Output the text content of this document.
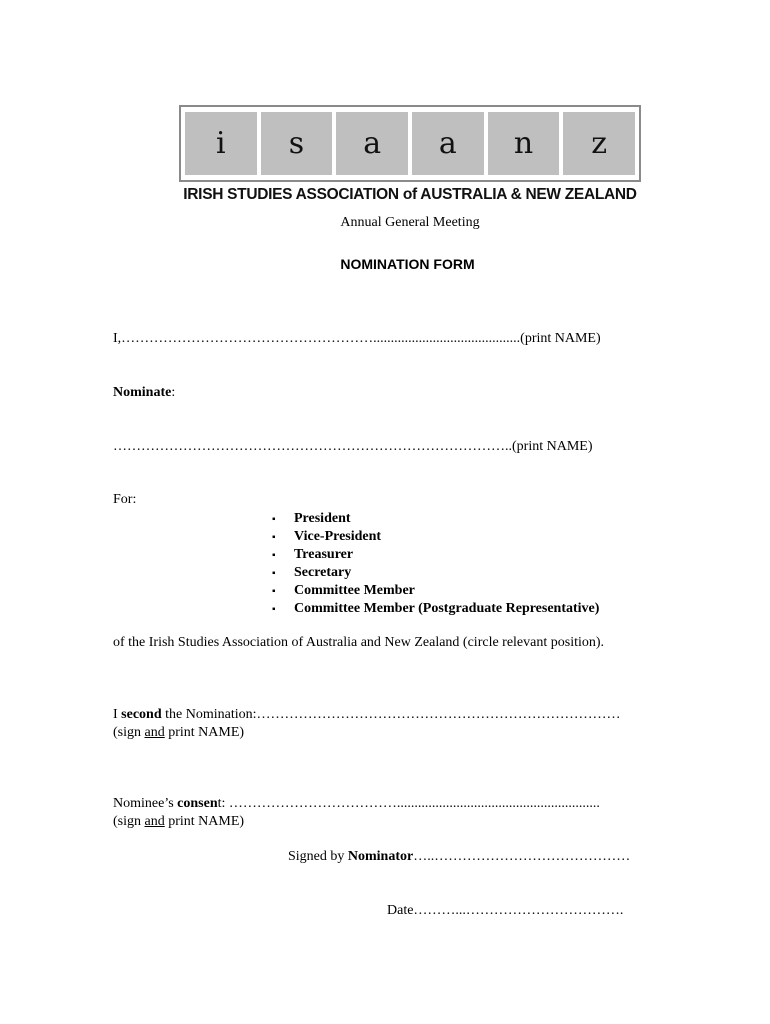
i	s	a	a	n	z
IRISH STUDIES ASSOCIATION of AUSTRALIA & NEW ZEALAND
Annual General Meeting
NOMINATION FORM
I,………………………………………………..........................................(print NAME)
Nominate:
…………………………………………………………………………..(print NAME)
For:
▪ President
▪ Vice-President
▪ Treasurer
▪ Secretary
▪ Committee Member
▪ Committee Member (Postgraduate Representative)
of the Irish Studies Association of Australia and New Zealand (circle relevant position).
I second the Nomination:……………………………………………………………………
(sign and print NAME)
Nominee’s consent: ………………………………..........................................................
(sign and print NAME)
Signed by Nominator…..……………………………………
Date………...…………………………….
